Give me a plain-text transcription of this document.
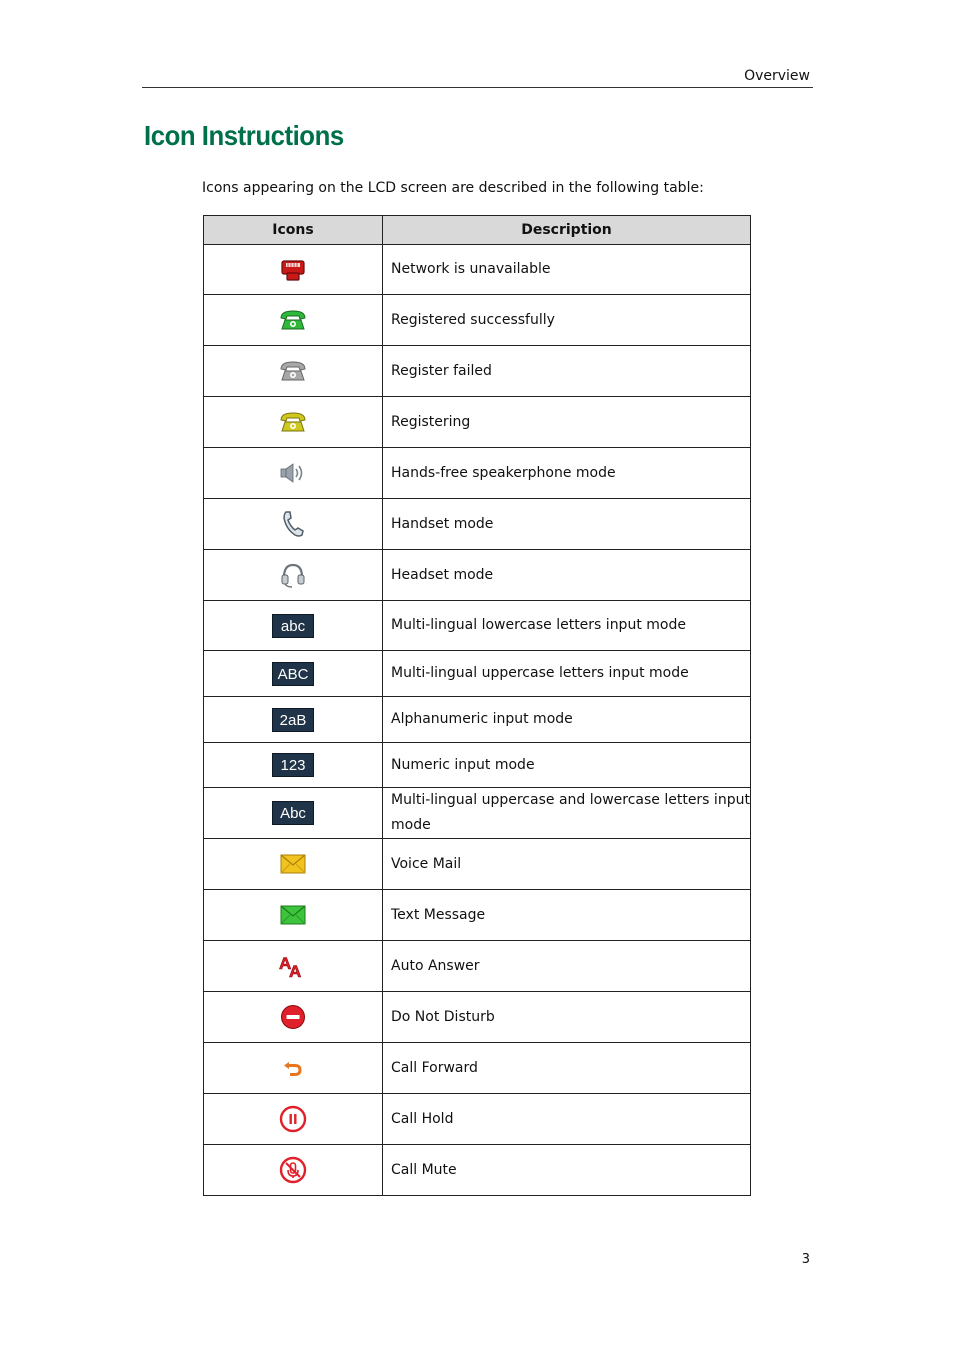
Overview
Icon Instructions
Icons appearing on the LCD screen are described in the following table:
Icons	Description
	Network is unavailable
	Registered successfully
	Register failed
	Registering
	Hands-free speakerphone mode
	Handset mode
	Headset mode
abc	Multi-lingual lowercase letters input mode
ABC	Multi-lingual uppercase letters input mode
2aB	Alphanumeric input mode
123	Numeric input mode
Abc	Multi-lingual uppercase and lowercase letters input mode
	Voice Mail
	Text Message

A
A	Auto Answer
	Do Not Disturb
	Call Forward
	Call Hold
	Call Mute
3
